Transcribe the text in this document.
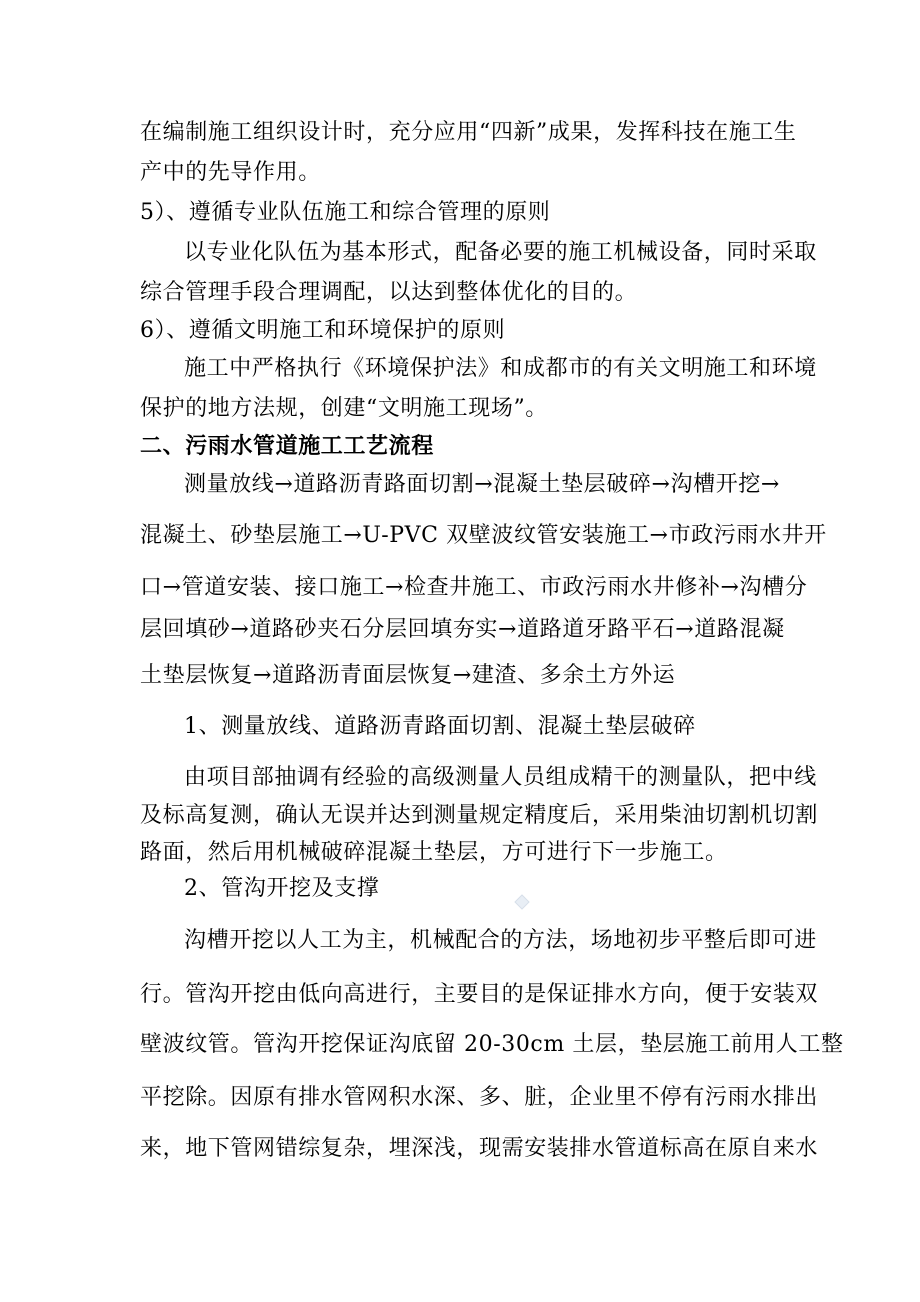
在编制施工组织设计时，充分应用“四新”成果，发挥科技在施工生
产中的先导作用。
5）、遵循专业队伍施工和综合管理的原则
以专业化队伍为基本形式，配备必要的施工机械设备，同时采取
综合管理手段合理调配，以达到整体优化的目的。
6）、遵循文明施工和环境保护的原则
施工中严格执行《环境保护法》和成都市的有关文明施工和环境
保护的地方法规，创建“文明施工现场”。
二、污雨水管道施工工艺流程
测量放线→道路沥青路面切割→混凝土垫层破碎→沟槽开挖→
混凝土、砂垫层施工→U-PVC 双壁波纹管安装施工→市政污雨水井开
口→管道安装、接口施工→检查井施工、市政污雨水井修补→沟槽分
层回填砂→道路砂夹石分层回填夯实→道路道牙路平石→道路混凝
土垫层恢复→道路沥青面层恢复→建渣、多余土方外运
1、测量放线、道路沥青路面切割、混凝土垫层破碎
由项目部抽调有经验的高级测量人员组成精干的测量队，把中线
及标高复测，确认无误并达到测量规定精度后，采用柴油切割机切割
路面，然后用机械破碎混凝土垫层，方可进行下一步施工。
2、管沟开挖及支撑
沟槽开挖以人工为主，机械配合的方法，场地初步平整后即可进
行。管沟开挖由低向高进行，主要目的是保证排水方向，便于安装双
壁波纹管。管沟开挖保证沟底留 20-30cm 土层，垫层施工前用人工整
平挖除。因原有排水管网积水深、多、脏，企业里不停有污雨水排出
来，地下管网错综复杂，埋深浅，现需安装排水管道标高在原自来水
